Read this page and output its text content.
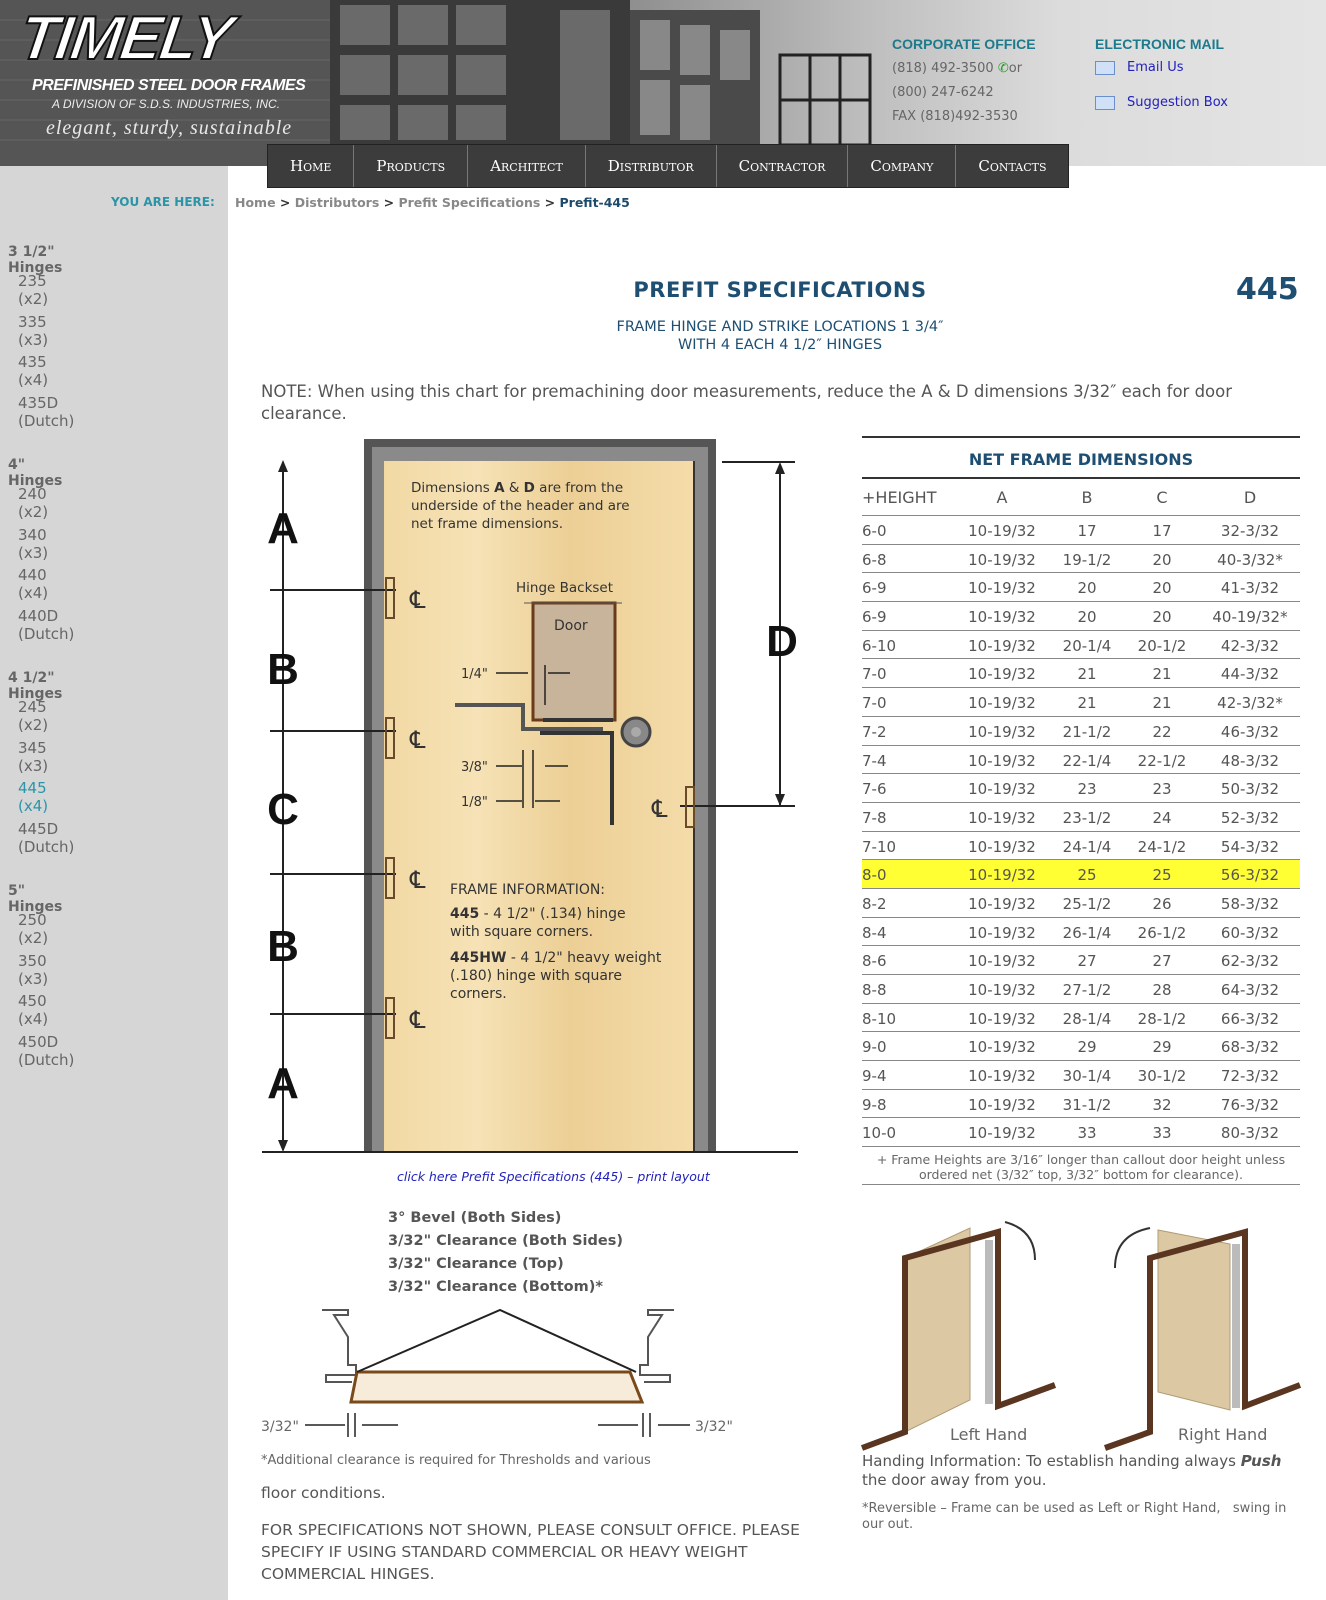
TIMELY
PREFINISHED STEEL DOOR FRAMES
A DIVISION OF S.D.S. INDUSTRIES, INC.
elegant, sturdy, sustainable
CORPORATE OFFICE
(818) 492-3500 ✆or
(800) 247-6242
FAX (818)492-3530
ELECTRONIC MAIL
Email Us
Suggestion Box
Home	Products	Architect	Distributor	Contractor	Company	Contacts
YOU ARE HERE: Home > Distributors > Prefit Specifications > Prefit-445
3 1/2" Hinges
235 (x2)
335 (x3)
435 (x4)
435D (Dutch)
4" Hinges
240 (x2)
340 (x3)
440 (x4)
440D (Dutch)
4 1/2" Hinges
245 (x2)
345 (x3)
445 (x4)
445D (Dutch)
5" Hinges
250 (x2)
350 (x3)
450 (x4)
450D (Dutch)
PREFIT SPECIFICATIONS	445
FRAME HINGE AND STRIKE LOCATIONS 1 3/4″
WITH 4 EACH 4 1/2″ HINGES
NOTE: When using this chart for premachining door measurements, reduce the A & D dimensions 3/32″ each for door clearance.
A
B
C
B
A
D
℄
℄
℄
℄
℄
Dimensions A & D are from the
underside of the header and are
net frame dimensions.
Hinge Backset
Door
1/4"
3/8"
1/8"
FRAME INFORMATION:
445 - 4 1/2" (.134) hinge
with square corners.
445HW - 4 1/2" heavy weight
(.180) hinge with square
corners.
3/32"	3/32"
click here Prefit Specifications (445) – print layout
3° Bevel (Both Sides)
3/32" Clearance (Both Sides)
3/32" Clearance (Top)
3/32" Clearance (Bottom)*
*Additional clearance is required for Thresholds and various
floor conditions.
FOR SPECIFICATIONS NOT SHOWN, PLEASE CONSULT OFFICE. PLEASE SPECIFY IF USING STANDARD COMMERCIAL OR HEAVY WEIGHT COMMERCIAL HINGES.
NET FRAME DIMENSIONS
+HEIGHT	A	B	C	D
6-0	10-19/32	17	17	32-3/32
6-8	10-19/32	19-1/2	20	40-3/32*
6-9	10-19/32	20	20	41-3/32
6-9	10-19/32	20	20	40-19/32*
6-10	10-19/32	20-1/4	20-1/2	42-3/32
7-0	10-19/32	21	21	44-3/32
7-0	10-19/32	21	21	42-3/32*
7-2	10-19/32	21-1/2	22	46-3/32
7-4	10-19/32	22-1/4	22-1/2	48-3/32
7-6	10-19/32	23	23	50-3/32
7-8	10-19/32	23-1/2	24	52-3/32
7-10	10-19/32	24-1/4	24-1/2	54-3/32
8-0	10-19/32	25	25	56-3/32
8-2	10-19/32	25-1/2	26	58-3/32
8-4	10-19/32	26-1/4	26-1/2	60-3/32
8-6	10-19/32	27	27	62-3/32
8-8	10-19/32	27-1/2	28	64-3/32
8-10	10-19/32	28-1/4	28-1/2	66-3/32
9-0	10-19/32	29	29	68-3/32
9-4	10-19/32	30-1/4	30-1/2	72-3/32
9-8	10-19/32	31-1/2	32	76-3/32
10-0	10-19/32	33	33	80-3/32
+ Frame Heights are 3/16″ longer than callout door height unless ordered net (3/32″ top, 3/32″ bottom for clearance).
Left Hand	Right Hand
Handing Information: To establish handing always Push the door away from you.
*Reversible – Frame can be used as Left or Right Hand,   swing in our out.
